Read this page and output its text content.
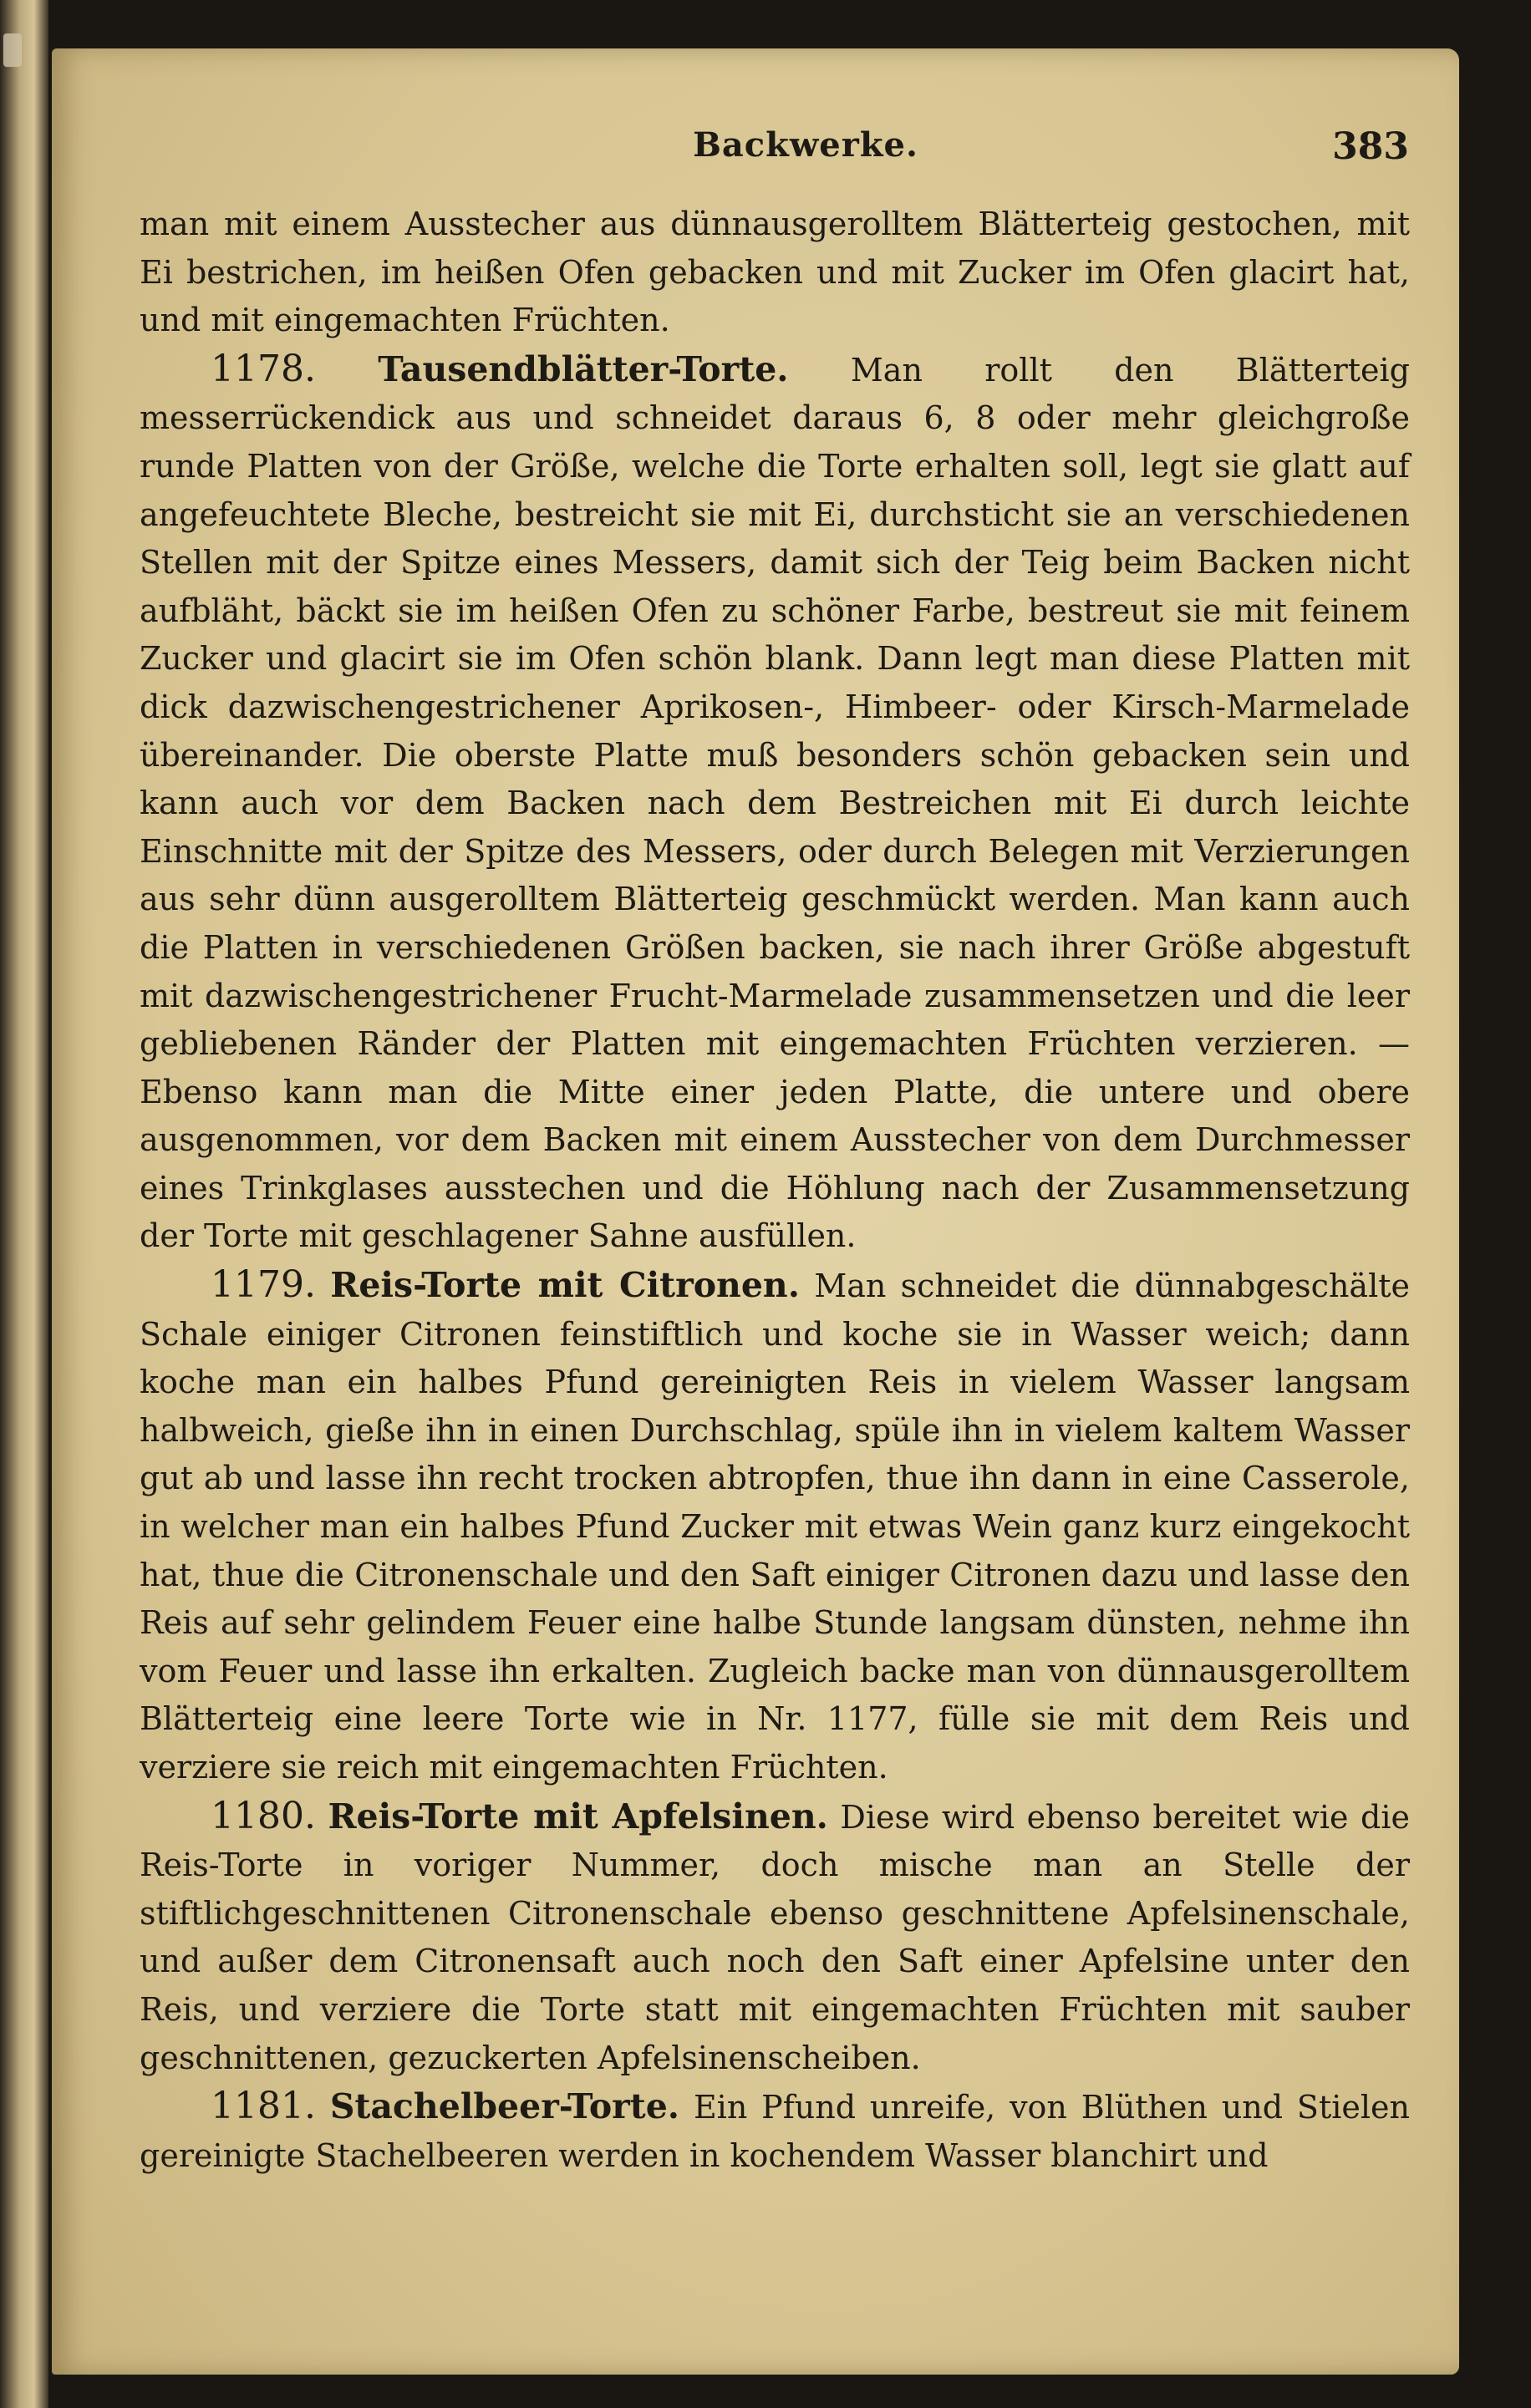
Backwerke.	383

man mit einem Ausstecher aus dünnausgerolltem Blätterteig gestochen, mit Ei bestrichen, im heißen Ofen gebacken und mit Zucker im Ofen glacirt hat, und mit eingemachten Früchten.

1178. Tausendblätter-Torte. Man rollt den Blätterteig messerrückendick aus und schneidet daraus 6, 8 oder mehr gleichgroße runde Platten von der Größe, welche die Torte erhalten soll, legt sie glatt auf angefeuchtete Bleche, bestreicht sie mit Ei, durchsticht sie an verschiedenen Stellen mit der Spitze eines Messers, damit sich der Teig beim Backen nicht aufbläht, bäckt sie im heißen Ofen zu schöner Farbe, bestreut sie mit feinem Zucker und glacirt sie im Ofen schön blank. Dann legt man diese Platten mit dick dazwischengestrichener Aprikosen-, Himbeer- oder Kirsch-Marmelade übereinander. Die oberste Platte muß besonders schön gebacken sein und kann auch vor dem Backen nach dem Bestreichen mit Ei durch leichte Einschnitte mit der Spitze des Messers, oder durch Belegen mit Verzierungen aus sehr dünn ausgerolltem Blätterteig geschmückt werden. Man kann auch die Platten in verschiedenen Größen backen, sie nach ihrer Größe abgestuft mit dazwischengestrichener Frucht-Marmelade zusammensetzen und die leer gebliebenen Ränder der Platten mit eingemachten Früchten verzieren. — Ebenso kann man die Mitte einer jeden Platte, die untere und obere ausgenommen, vor dem Backen mit einem Ausstecher von dem Durchmesser eines Trinkglases ausstechen und die Höhlung nach der Zusammensetzung der Torte mit geschlagener Sahne ausfüllen.

1179. Reis-Torte mit Citronen. Man schneidet die dünnabgeschälte Schale einiger Citronen feinstiftlich und koche sie in Wasser weich; dann koche man ein halbes Pfund gereinigten Reis in vielem Wasser langsam halbweich, gieße ihn in einen Durchschlag, spüle ihn in vielem kaltem Wasser gut ab und lasse ihn recht trocken abtropfen, thue ihn dann in eine Casserole, in welcher man ein halbes Pfund Zucker mit etwas Wein ganz kurz eingekocht hat, thue die Citronenschale und den Saft einiger Citronen dazu und lasse den Reis auf sehr gelindem Feuer eine halbe Stunde langsam dünsten, nehme ihn vom Feuer und lasse ihn erkalten. Zugleich backe man von dünnausgerolltem Blätterteig eine leere Torte wie in Nr. 1177, fülle sie mit dem Reis und verziere sie reich mit eingemachten Früchten.

1180. Reis-Torte mit Apfelsinen. Diese wird ebenso bereitet wie die Reis-Torte in voriger Nummer, doch mische man an Stelle der stiftlichgeschnittenen Citronenschale ebenso geschnittene Apfelsinenschale, und außer dem Citronensaft auch noch den Saft einer Apfelsine unter den Reis, und verziere die Torte statt mit eingemachten Früchten mit sauber geschnittenen, gezuckerten Apfelsinenscheiben.

1181. Stachelbeer-Torte. Ein Pfund unreife, von Blüthen und Stielen gereinigte Stachelbeeren werden in kochendem Wasser blanchirt und
